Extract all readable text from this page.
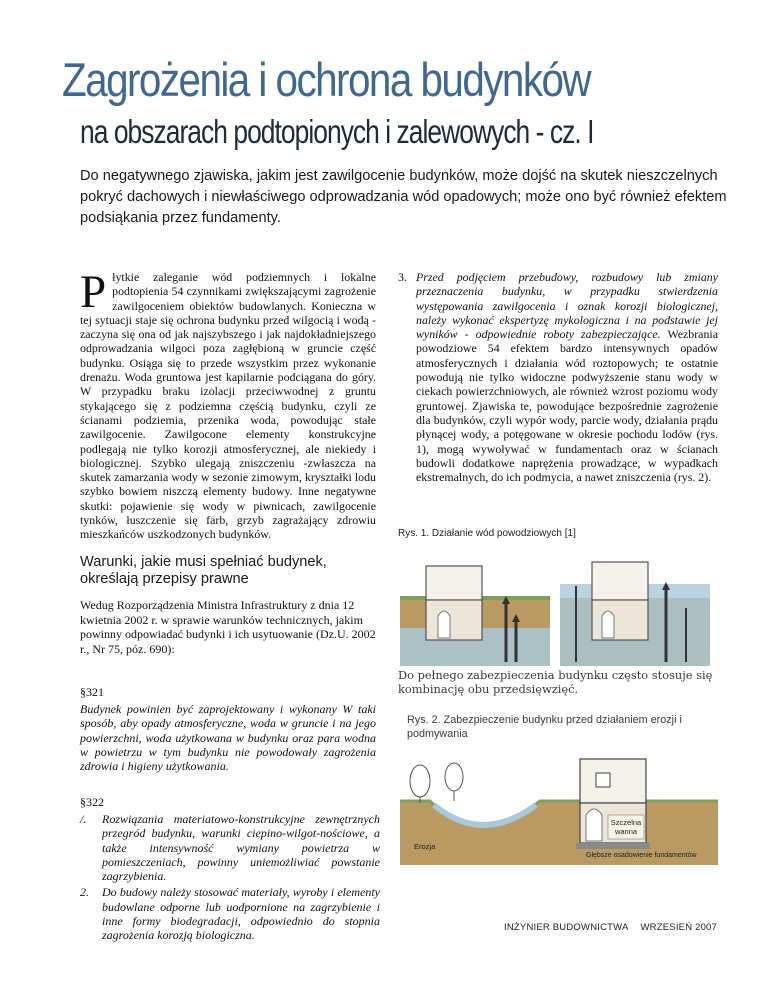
Zagrożenia i ochrona budynków
na obszarach podtopionych i zalewowych - cz. I
Do negatywnego zjawiska, jakim jest zawilgocenie budynków, może dojść na skutek nieszczelnych pokryć dachowych i niewłaściwego odprowadzania wód opadowych; może ono być również efektem podsiąkania przez fundamenty.
Płytkie zaleganie wód podziemnych i lokalne podtopienia 54 czynnikami zwiększającymi zagrożenie zawilgoceniem obiektów budowlanych. Konieczna w tej sytuacji staje się ochrona budynku przed wilgocią i wodą - zaczyna się ona od jak najszybszego i jak najdokładniejszego odprowadzania wilgoci poza zagłębioną w gruncie część budynku. Osiąga się to przede wszystkim przez wykonanie drenażu. Woda gruntowa jest kapilarnie podciągana do góry. W przypadku braku izolacji przeciwwodnej z gruntu stykającego się z podziemna częścią budynku, czyli ze ścianami podziemia, przenika woda, powodując stałe zawilgocenie. Zawilgocone elementy konstrukcyjne podlegają nie tylko korozji atmosferycznej, ale niekiedy i biologicznej. Szybko ulegają zniszczeniu -zwłaszcza na skutek zamarzania wody w sezonie zimowym, kryształki lodu szybko bowiem niszczą elementy budowy. Inne negatywne skutki: pojawienie się wody w piwnicach, zawilgocenie tynków, łuszczenie się farb, grzyb zagrażający zdrowiu mieszkańców uszkodzonych budynków.
Warunki, jakie musi spełniać budynek, określają przepisy prawne
Wedug Rozporządzenia Ministra Infrastruktury z dnia 12 kwietnia 2002 r. w sprawie warunków technicznych, jakim powinny odpowiadać budynki i ich usytuowanie (Dz.U. 2002 r., Nr 75, póz. 690):
§321
Budynek powinien być zaprojektowany i wykonany W taki sposób, aby opady atmosferyczne, woda w gruncie i na jego powierzchni, woda użytkowana w budynku oraz para wodna w powietrzu w tym budynku nie powodowały zagrożenia zdrowia i higieny użytkowania.
§322
/.	Rozwiązania materiatowo-konstrukcyjne zewnętrznych przegród budynku, warunki ciepino-wilgot-nościowe, a także intensywność wymiany powietrza w pomieszczeniach, powinny uniemożliwiać powstanie zagrzybienia.
2.	Do budowy należy stosować materiały, wyroby i elementy budowlane odporne lub uodpornione na zagrzybienie i inne formy biodegradacji, odpowiednio do stopnia zagrożenia korozją biologiczna.
3. Przed podjęciem przebudowy, rozbudowy lub zmiany przeznaczenia budynku, w przypadku stwierdzenia występowania zawilgocenia i oznak korozji biologicznej, należy wykonać ekspertyzę mykologiczna i na podstawie jej wyników - odpowiednie roboty zabezpieczające. Wezbrania powodziowe 54 efektem bardzo intensywnych opadów atmosferycznych i działania wód roztopowych; te ostatnie powodują nie tylko widoczne podwyższenie stanu wody w ciekach powierzchniowych, ale również wzrost poziomu wody gruntowej. Zjawiska te, powodujące bezpośrednie zagrożenie dla budynków, czyli wypór wody, parcie wody, działania prądu płynącej wody, a potęgowane w okresie pochodu lodów (rys. 1), mogą wywoływać w fundamentach oraz w ścianach budowli dodatkowe naprężenia prowadzące, w wypadkach ekstremalnych, do ich podmycia, a nawet zniszczenia (rys. 2).
Rys. 1. Działanie wód powodziowych [1]
Do pełnego zabezpieczenia budynku często stosuje się kombinację obu przedsięwzięć.
Rys. 2. Zabezpieczenie budynku przed działaniem erozji i podmywania
Szczelna wanna
Erozja
Głębsze osadowienie fundamentów
INŻYNIER BUDOWNICTWA WRZESIEŃ 2007
